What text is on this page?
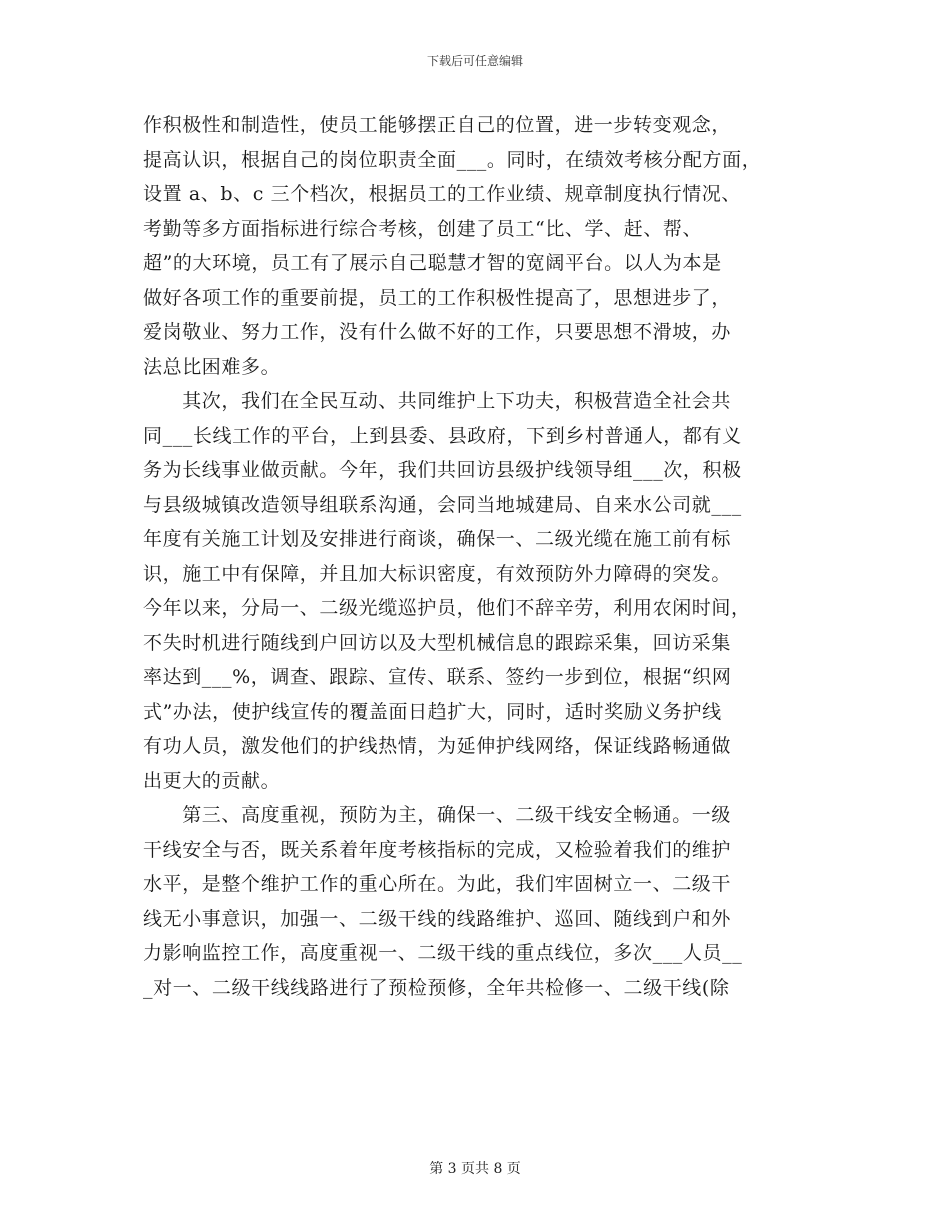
下载后可任意编辑
作积极性和制造性，使员工能够摆正自己的位置，进一步转变观念，
提高认识，根据自己的岗位职责全面___。同时，在绩效考核分配方面，
设置 a、b、c 三个档次，根据员工的工作业绩、规章制度执行情况、
考勤等多方面指标进行综合考核，创建了员工“比、学、赶、帮、
超”的大环境，员工有了展示自己聪慧才智的宽阔平台。以人为本是
做好各项工作的重要前提，员工的工作积极性提高了，思想进步了，
爱岗敬业、努力工作，没有什么做不好的工作，只要思想不滑坡，办
法总比困难多。
　　其次，我们在全民互动、共同维护上下功夫，积极营造全社会共
同___长线工作的平台，上到县委、县政府，下到乡村普通人，都有义
务为长线事业做贡献。今年，我们共回访县级护线领导组___次，积极
与县级城镇改造领导组联系沟通，会同当地城建局、自来水公司就___
年度有关施工计划及安排进行商谈，确保一、二级光缆在施工前有标
识，施工中有保障，并且加大标识密度，有效预防外力障碍的突发。
今年以来，分局一、二级光缆巡护员，他们不辞辛劳，利用农闲时间，
不失时机进行随线到户回访以及大型机械信息的跟踪采集，回访采集
率达到___%，调查、跟踪、宣传、联系、签约一步到位，根据“织网
式”办法，使护线宣传的覆盖面日趋扩大，同时，适时奖励义务护线
有功人员，激发他们的护线热情，为延伸护线网络，保证线路畅通做
出更大的贡献。
　　第三、高度重视，预防为主，确保一、二级干线安全畅通。一级
干线安全与否，既关系着年度考核指标的完成，又检验着我们的维护
水平，是整个维护工作的重心所在。为此，我们牢固树立一、二级干
线无小事意识，加强一、二级干线的线路维护、巡回、随线到户和外
力影响监控工作，高度重视一、二级干线的重点线位，多次___人员__
_对一、二级干线线路进行了预检预修，全年共检修一、二级干线(除
第 3 页共 8 页
